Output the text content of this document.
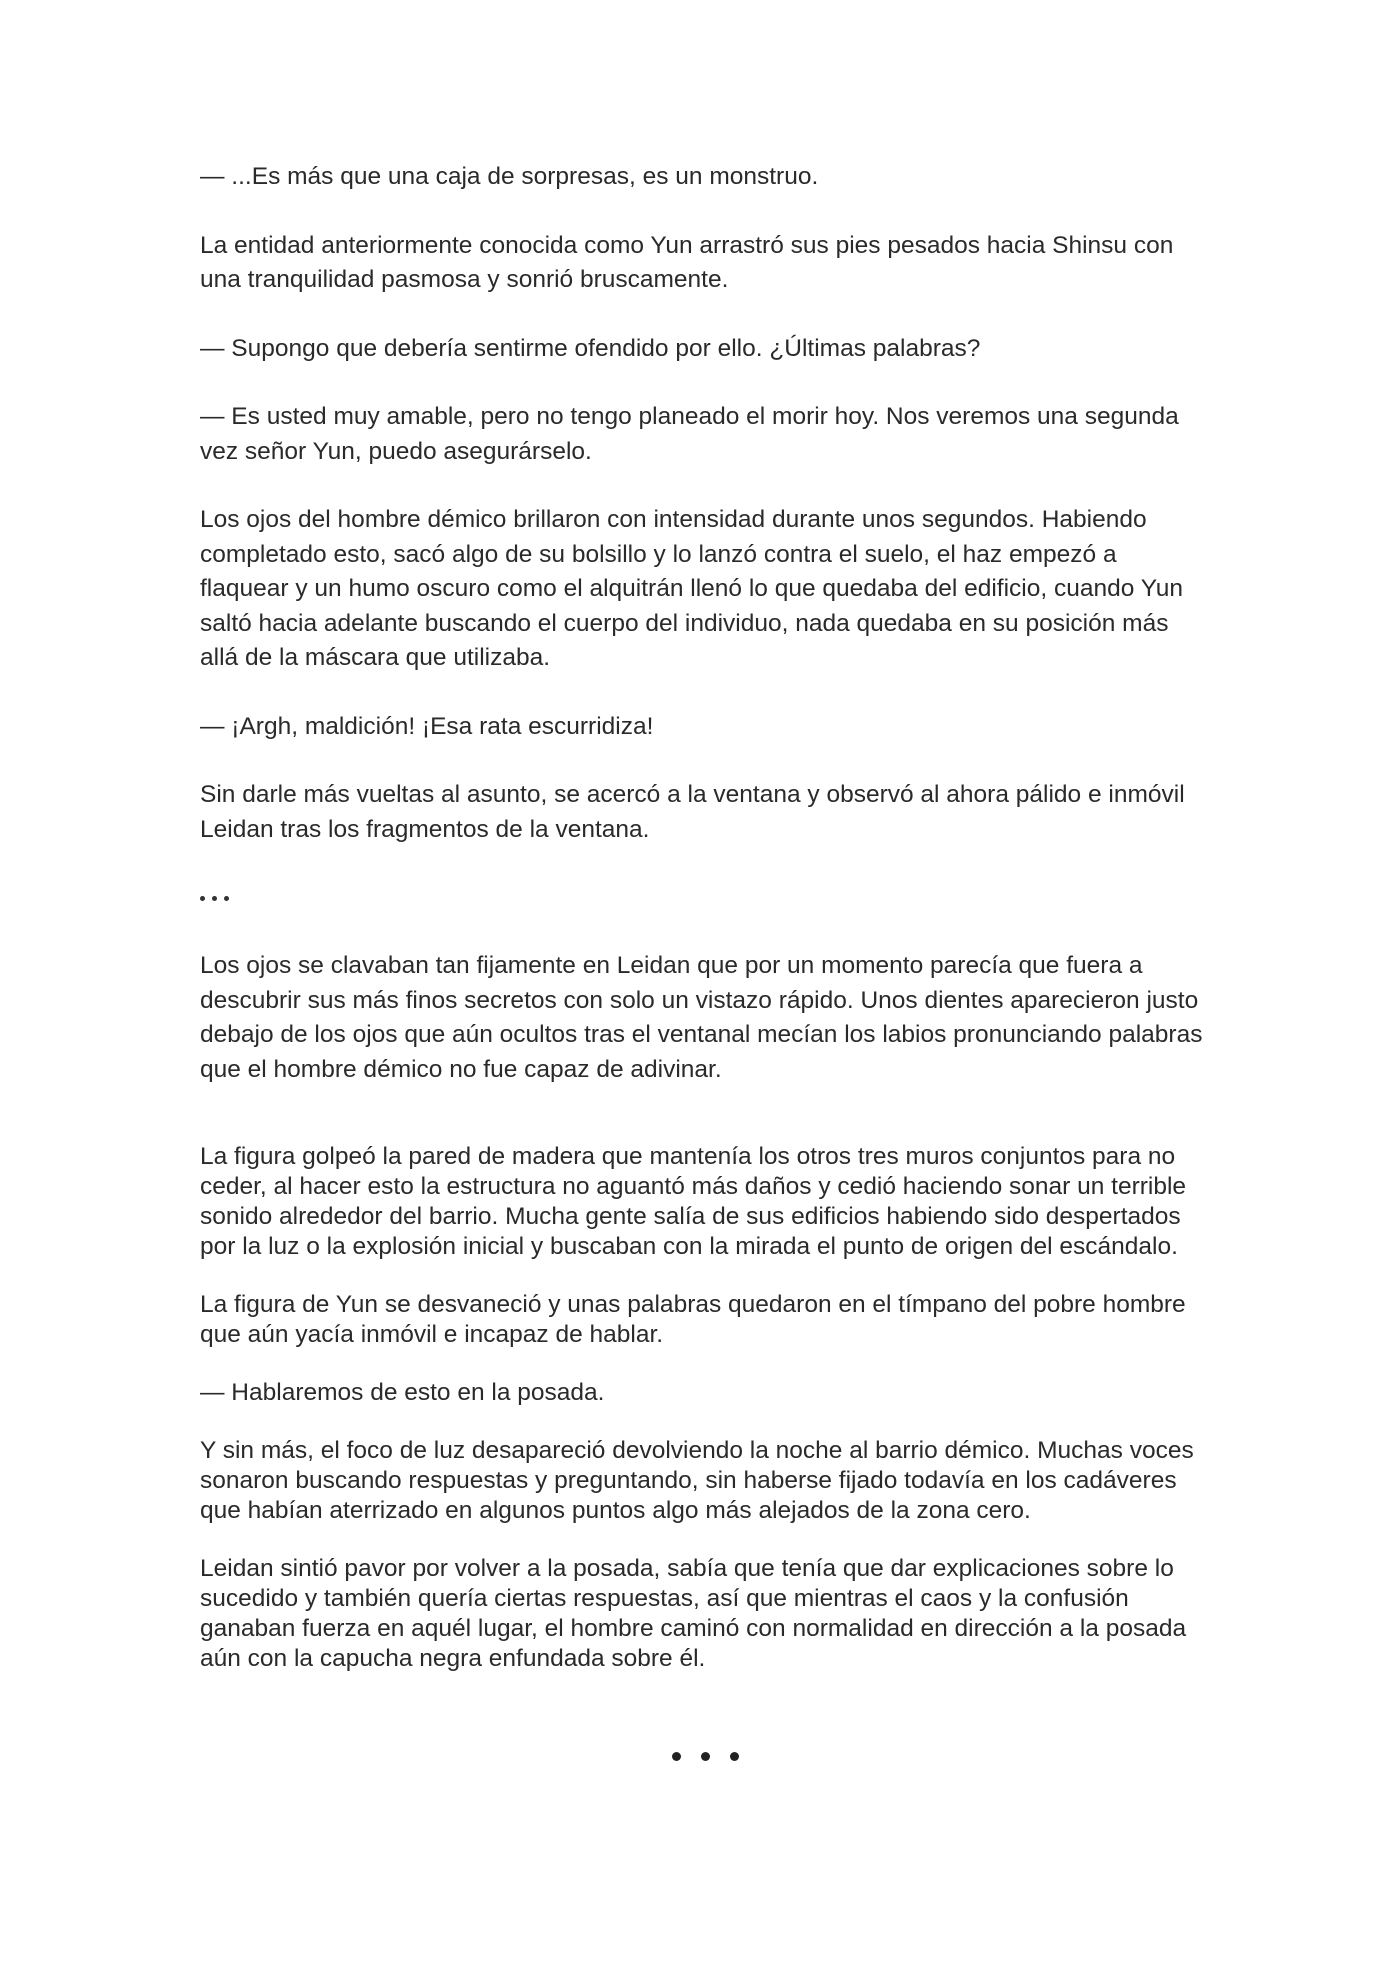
— ...Es más que una caja de sorpresas, es un monstruo.

La entidad anteriormente conocida como Yun arrastró sus pies pesados hacia Shinsu con una tranquilidad pasmosa y sonrió bruscamente.

— Supongo que debería sentirme ofendido por ello. ¿Últimas palabras?

— Es usted muy amable, pero no tengo planeado el morir hoy. Nos veremos una segunda vez señor Yun, puedo asegurárselo.

Los ojos del hombre démico brillaron con intensidad durante unos segundos. Habiendo completado esto, sacó algo de su bolsillo y lo lanzó contra el suelo, el haz empezó a flaquear y un humo oscuro como el alquitrán llenó lo que quedaba del edificio, cuando Yun saltó hacia adelante buscando el cuerpo del individuo, nada quedaba en su posición más allá de la máscara que utilizaba.

— ¡Argh, maldición! ¡Esa rata escurridiza!

Sin darle más vueltas al asunto, se acercó a la ventana y observó al ahora pálido e inmóvil Leidan tras los fragmentos de la ventana.

Los ojos se clavaban tan fijamente en Leidan que por un momento parecía que fuera a descubrir sus más finos secretos con solo un vistazo rápido. Unos dientes aparecieron justo debajo de los ojos que aún ocultos tras el ventanal mecían los labios pronunciando palabras que el hombre démico no fue capaz de adivinar.

La figura golpeó la pared de madera que mantenía los otros tres muros conjuntos para no ceder, al hacer esto la estructura no aguantó más daños y cedió haciendo sonar un terrible sonido alrededor del barrio. Mucha gente salía de sus edificios habiendo sido despertados por la luz o la explosión inicial y buscaban con la mirada el punto de origen del escándalo.

La figura de Yun se desvaneció y unas palabras quedaron en el tímpano del pobre hombre que aún yacía inmóvil e incapaz de hablar.

— Hablaremos de esto en la posada.

Y sin más, el foco de luz desapareció devolviendo la noche al barrio démico. Muchas voces sonaron buscando respuestas y preguntando, sin haberse fijado todavía en los cadáveres que habían aterrizado en algunos puntos algo más alejados de la zona cero.

Leidan sintió pavor por volver a la posada, sabía que tenía que dar explicaciones sobre lo sucedido y también quería ciertas respuestas, así que mientras el caos y la confusión ganaban fuerza en aquél lugar, el hombre caminó con normalidad en dirección a la posada aún con la capucha negra enfundada sobre él.
